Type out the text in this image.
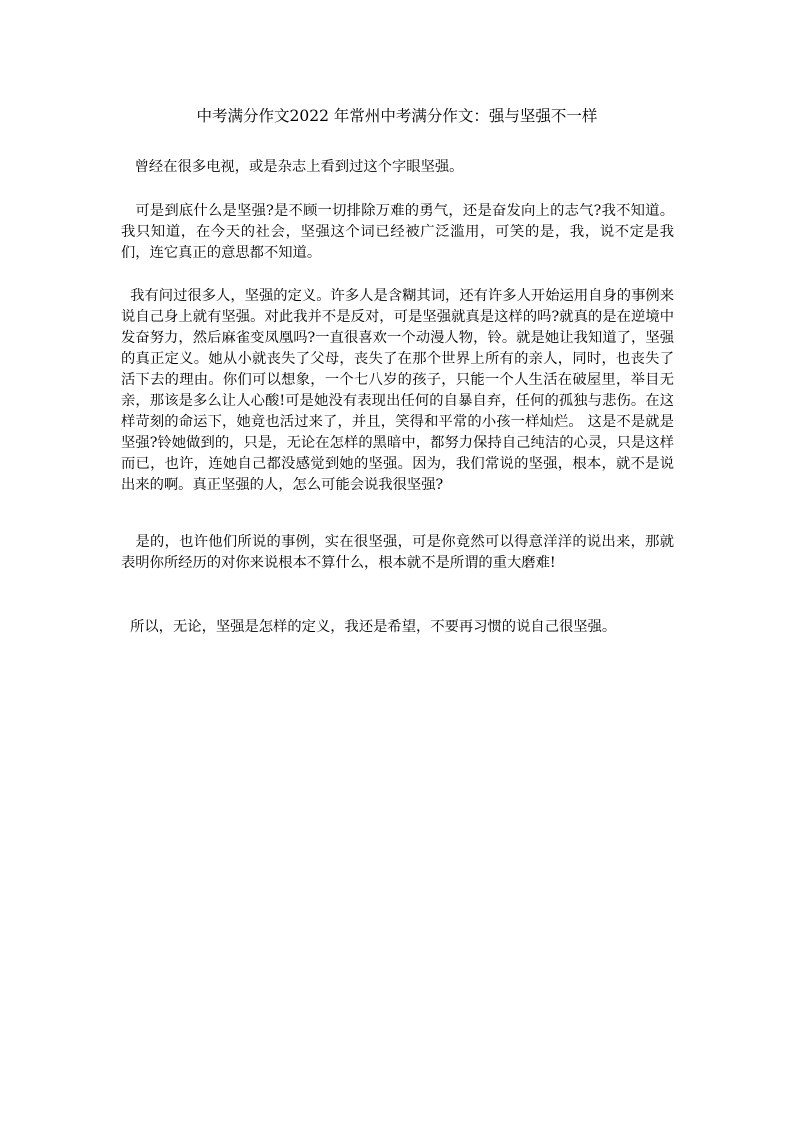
中考满分作文2022 年常州中考满分作文：强与坚强不一样

曾经在很多电视，或是杂志上看到过这个字眼坚强。

可是到底什么是坚强?是不顾一切排除万难的勇气，还是奋发向上的志气?我不知道。我只知道，在今天的社会，坚强这个词已经被广泛滥用，可笑的是，我，说不定是我们，连它真正的意思都不知道。

我有问过很多人，坚强的定义。许多人是含糊其词，还有许多人开始运用自身的事例来说自己身上就有坚强。对此我并不是反对，可是坚强就真是这样的吗?就真的是在逆境中发奋努力，然后麻雀变凤凰吗?一直很喜欢一个动漫人物，铃。就是她让我知道了，坚强的真正定义。她从小就丧失了父母，丧失了在那个世界上所有的亲人，同时，也丧失了活下去的理由。你们可以想象，一个七八岁的孩子，只能一个人生活在破屋里，举目无亲，那该是多么让人心酸!可是她没有表现出任何的自暴自弃，任何的孤独与悲伤。在这样苛刻的命运下，她竟也活过来了，并且，笑得和平常的小孩一样灿烂。 这是不是就是坚强?铃她做到的，只是，无论在怎样的黑暗中，都努力保持自己纯洁的心灵，只是这样而已，也许，连她自己都没感觉到她的坚强。因为，我们常说的坚强，根本，就不是说出来的啊。真正坚强的人，怎么可能会说我很坚强?

是的，也许他们所说的事例，实在很坚强，可是你竟然可以得意洋洋的说出来，那就表明你所经历的对你来说根本不算什么，根本就不是所谓的重大磨难!

所以，无论，坚强是怎样的定义，我还是希望，不要再习惯的说自己很坚强。
